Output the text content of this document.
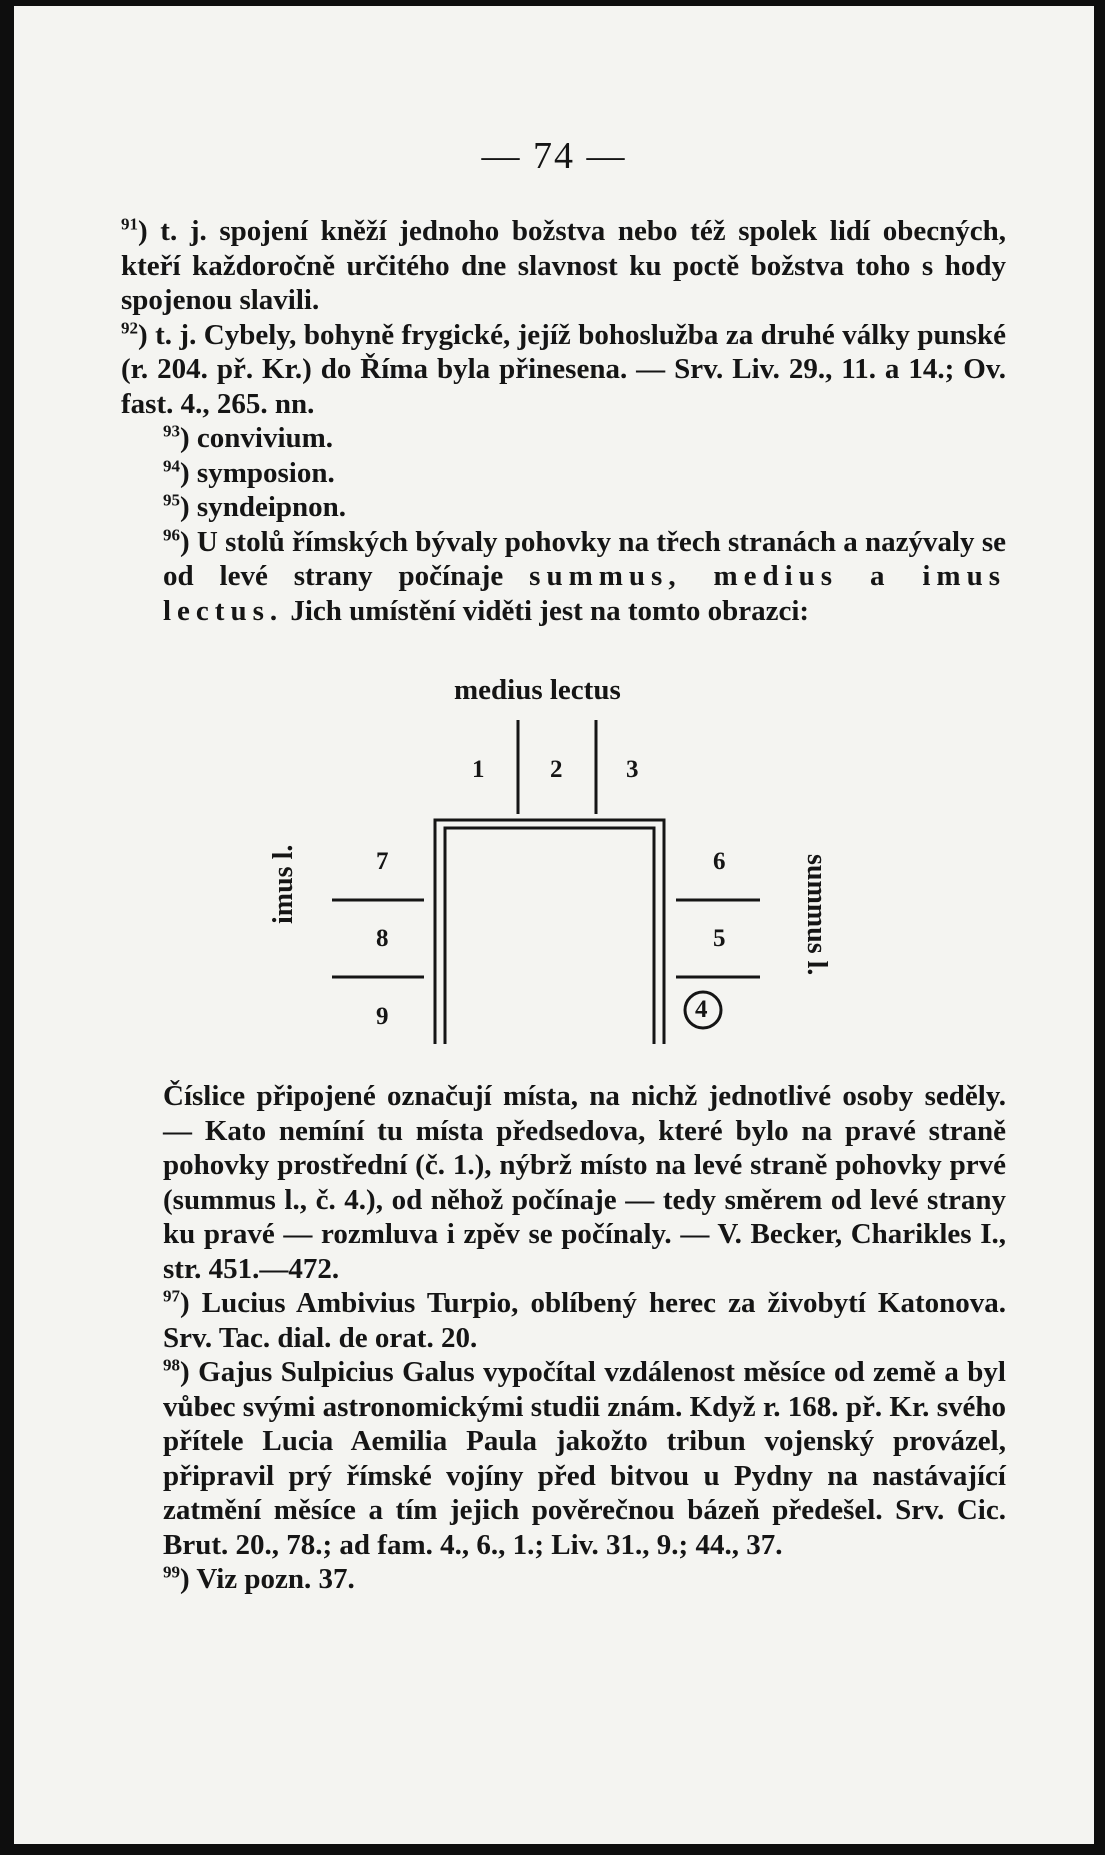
— 74 —

$^{91}$) t. j. spojení kněží jednoho božstva nebo též spolek lidí obecných, kteří každoročně určitého dne slavnost ku poctě božstva toho s hody spojenou slavili.

$^{92}$) t. j. Cybely, bohyně frygické, jejíž bohoslužba za druhé války punské (r. 204. př. Kr.) do Říma byla přinesena. — Srv. Liv. 29., 11. a 14.; Ov. fast. 4., 265. nn.

$^{93}$) convivium.

$^{94}$) symposion.

$^{95}$) syndeipnon.

$^{96}$) U stolů římských bývaly pohovky na třech stranách a nazývaly se od levé strany počínaje summus, medius a imus lectus. Jich umístění viděti jest na tomto obrazci:

medius lectus
1	2	3
7
8
9
6
5
4
imus l.	summus l.

Číslice připojené označují místa, na nichž jednotlivé osoby seděly. — Kato nemíní tu místa předsedova, které bylo na pravé straně pohovky prostřední (č. 1.), nýbrž místo na levé straně pohovky prvé (summus l., č. 4.), od něhož počínaje — tedy směrem od levé strany ku pravé — rozmluva i zpěv se počínaly. — V. Becker, Charikles I., str. 451.—472.

$^{97}$) Lucius Ambivius Turpio, oblíbený herec za živobytí Katonova. Srv. Tac. dial. de orat. 20.

$^{98}$) Gajus Sulpicius Galus vypočítal vzdálenost měsíce od země a byl vůbec svými astronomickými studii znám. Když r. 168. př. Kr. svého přítele Lucia Aemilia Paula jakožto tribun vojenský provázel, připravil prý římské vojíny před bitvou u Pydny na nastávající zatmění měsíce a tím jejich pověrečnou bázeň předešel. Srv. Cic. Brut. 20., 78.; ad fam. 4., 6., 1.; Liv. 31., 9.; 44., 37.

$^{99}$) Viz pozn. 37.
